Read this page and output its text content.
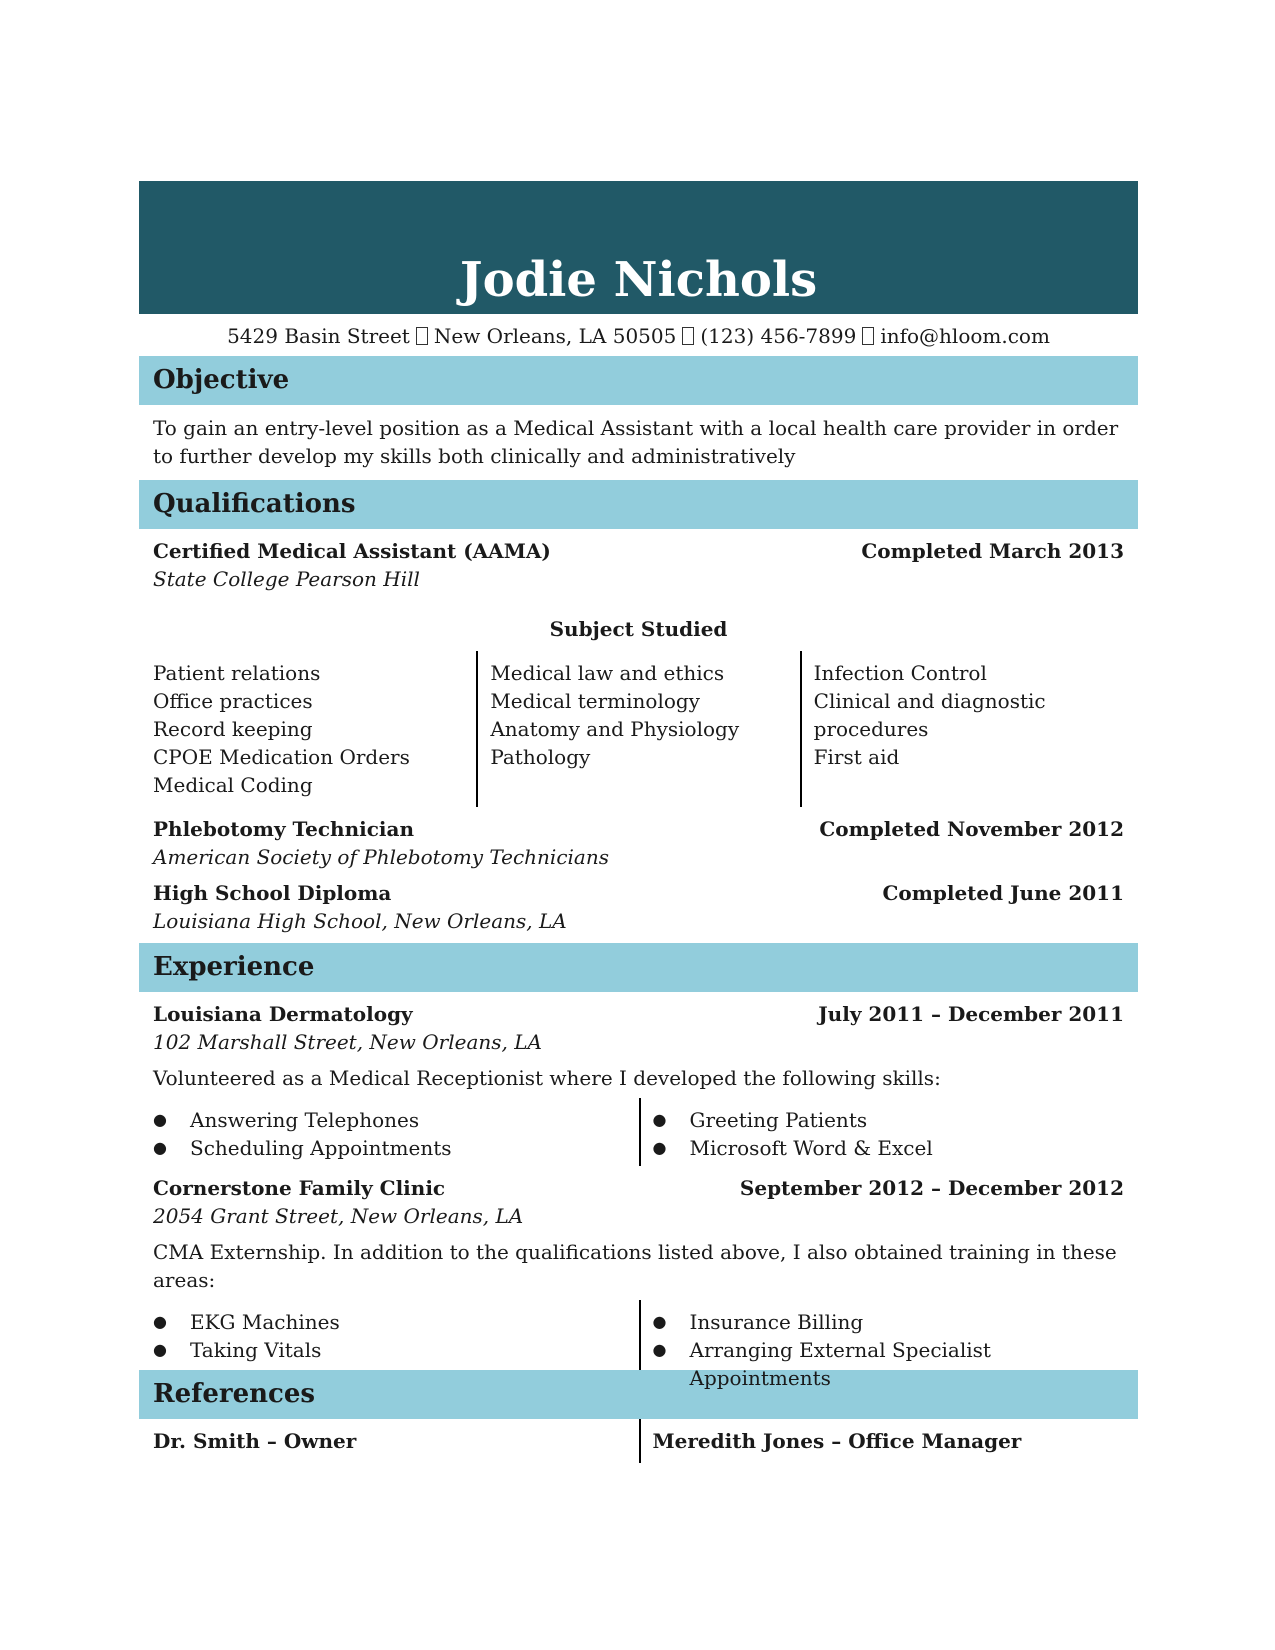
Jodie Nichols
5429 Basin Street New Orleans, LA 50505 (123) 456-7899 info@hloom.com
Objective
To gain an entry-level position as a Medical Assistant with a local health care provider in order to further develop my skills both clinically and administratively
Qualifications
Certified Medical Assistant (AAMA)	Completed March 2013
State College Pearson Hill
Subject Studied
Patient relations
Office practices
Record keeping
CPOE Medication Orders
Medical Coding
Medical law and ethics
Medical terminology
Anatomy and Physiology
Pathology
Infection Control
Clinical and diagnostic procedures
First aid
Phlebotomy Technician	Completed November 2012
American Society of Phlebotomy Technicians
High School Diploma	Completed June 2011
Louisiana High School, New Orleans, LA
Experience
Louisiana Dermatology	July 2011 – December 2011
102 Marshall Street, New Orleans, LA
Volunteered as a Medical Receptionist where I developed the following skills:
● Answering Telephones
● Scheduling Appointments
● Greeting Patients
● Microsoft Word & Excel
Cornerstone Family Clinic	September 2012 – December 2012
2054 Grant Street, New Orleans, LA
CMA Externship. In addition to the qualifications listed above, I also obtained training in these areas:
● EKG Machines
● Taking Vitals
● Insurance Billing
● Arranging External Specialist Appointments
References
Dr. Smith – Owner	Meredith Jones – Office Manager
